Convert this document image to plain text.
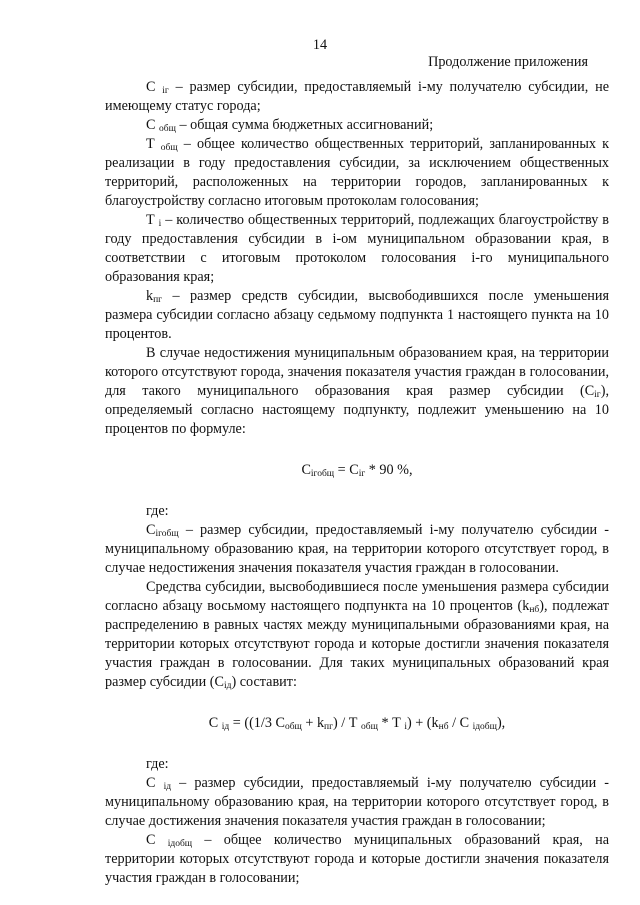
14
Продолжение приложения

С $_{iг}$ – размер субсидии, предоставляемый i-му получателю субсидии, не имеющему статус города;

С $_{общ}$ – общая сумма бюджетных ассигнований;

Т $_{общ}$ – общее количество общественных территорий, запланированных к реализации в году предоставления субсидии, за исключением общественных территорий, расположенных на территории городов, запланированных к благоустройству согласно итоговым протоколам голосования;

Т $_i$ – количество общественных территорий, подлежащих благоустройству в году предоставления субсидии в i-ом муниципальном образовании края, в соответствии с итоговым протоколом голосования i-го муниципального образования края;

$k_{пг}$ – размер средств субсидии, высвободившихся после уменьшения размера субсидии согласно абзацу седьмому подпункта 1 настоящего пункта на 10 процентов.

В случае недостижения муниципальным образованием края, на территории которого отсутствуют города, значения показателя участия граждан в голосовании, для такого муниципального образования края размер субсидии $(С_{iг})$, определяемый согласно настоящему подпункту, подлежит уменьшению на 10 процентов по формуле:

$С_{iгобщ} = С_{iг} * 90$ %,

где:

$С_{iгобщ}$ – размер субсидии, предоставляемый i-му получателю субсидии - муниципальному образованию края, на территории которого отсутствует город, в случае недостижения значения показателя участия граждан в голосовании.

Средства субсидии, высвободившиеся после уменьшения размера субсидии согласно абзацу восьмому настоящего подпункта на 10 процентов $(k_{нб})$, подлежат распределению в равных частях между муниципальными образованиями края, на территории которых отсутствуют города и которые достигли значения показателя участия граждан в голосовании. Для таких муниципальных образований края размер субсидии $(С_{iд})$ составит:

С $_{iд}$ = ((1/3 $С_{общ} + k_{пг}) / Т$ $_{общ}$ * Т $_i) + (k_{нб} / С$ $_{iдобщ}$),

где:

С $_{iд}$ – размер субсидии, предоставляемый i-му получателю субсидии - муниципальному образованию края, на территории которого отсутствует город, в случае достижения значения показателя участия граждан в голосовании;

С $_{iдобщ}$ – общее количество муниципальных образований края, на территории которых отсутствуют города и которые достигли значения показателя участия граждан в голосовании;
